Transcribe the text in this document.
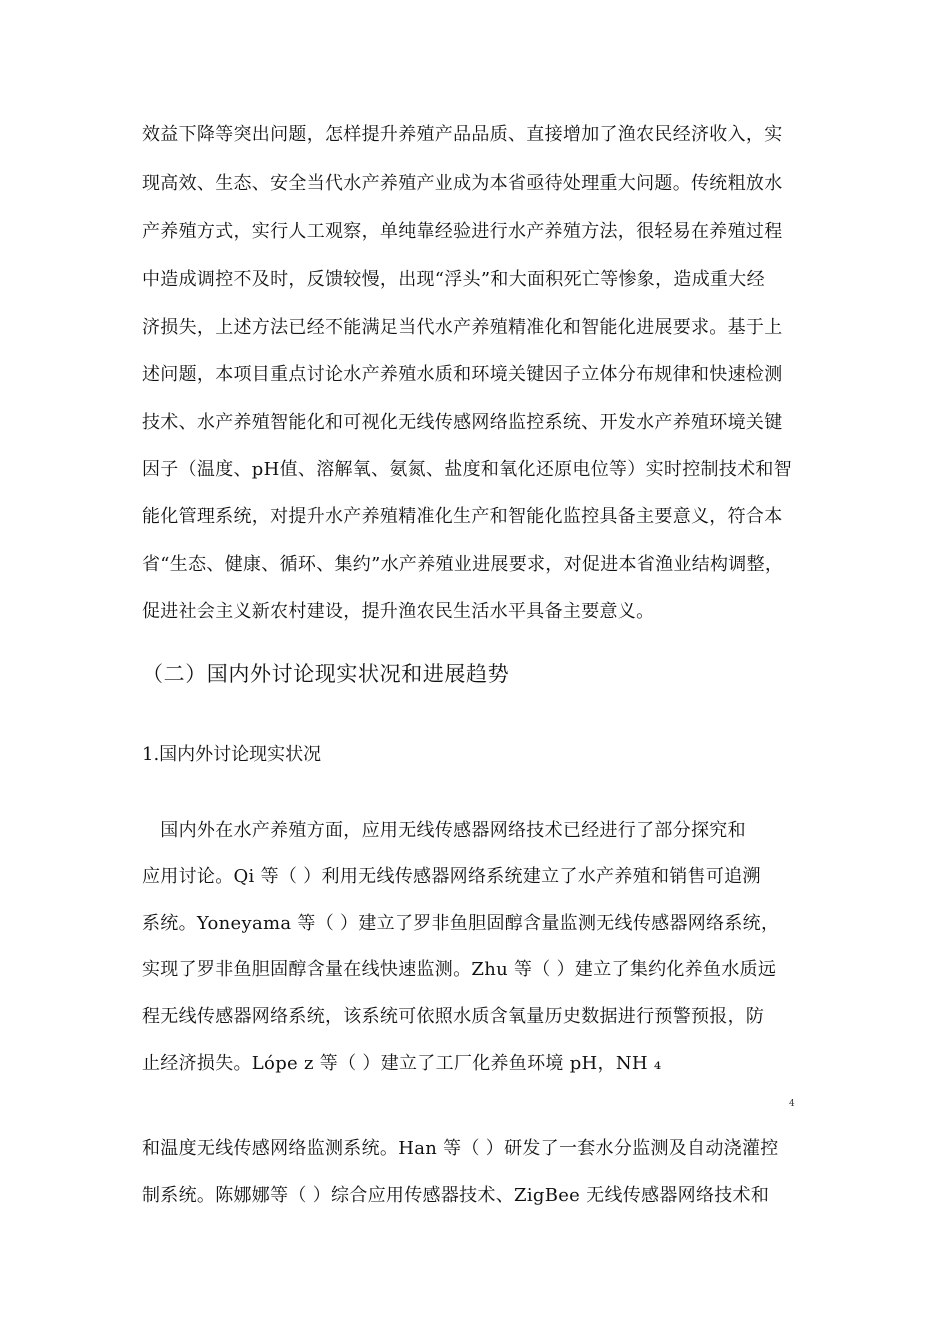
效益下降等突出问题，怎样提升养殖产品品质、直接增加了渔农民经济收入，实
现高效、生态、安全当代水产养殖产业成为本省亟待处理重大问题。传统粗放水
产养殖方式，实行人工观察，单纯靠经验进行水产养殖方法，很轻易在养殖过程
中造成调控不及时，反馈较慢，出现“浮头”和大面积死亡等惨象，造成重大经
济损失，上述方法已经不能满足当代水产养殖精准化和智能化进展要求。基于上
述问题，本项目重点讨论水产养殖水质和环境关键因子立体分布规律和快速检测
技术、水产养殖智能化和可视化无线传感网络监控系统、开发水产养殖环境关键
因子（温度、pH值、溶解氧、氨氮、盐度和氧化还原电位等）实时控制技术和智
能化管理系统，对提升水产养殖精准化生产和智能化监控具备主要意义，符合本
省“生态、健康、循环、集约”水产养殖业进展要求，对促进本省渔业结构调整，
促进社会主义新农村建设，提升渔农民生活水平具备主要意义。
（二）国内外讨论现实状况和进展趋势
1.国内外讨论现实状况
　国内外在水产养殖方面，应用无线传感器网络技术已经进行了部分探究和
应用讨论。Qi 等（ ）利用无线传感器网络系统建立了水产养殖和销售可追溯
系统。Yoneyama 等（ ）建立了罗非鱼胆固醇含量监测无线传感器网络系统，
实现了罗非鱼胆固醇含量在线快速监测。Zhu 等（ ）建立了集约化养鱼水质远
程无线传感器网络系统，该系统可依照水质含氧量历史数据进行预警预报，防
止经济损失。Lópe z 等（ ）建立了工厂化养鱼环境 pH，NH ₄
4
和温度无线传感网络监测系统。Han 等（ ）研发了一套水分监测及自动浇灌控
制系统。陈娜娜等（ ）综合应用传感器技术、ZigBee 无线传感器网络技术和
